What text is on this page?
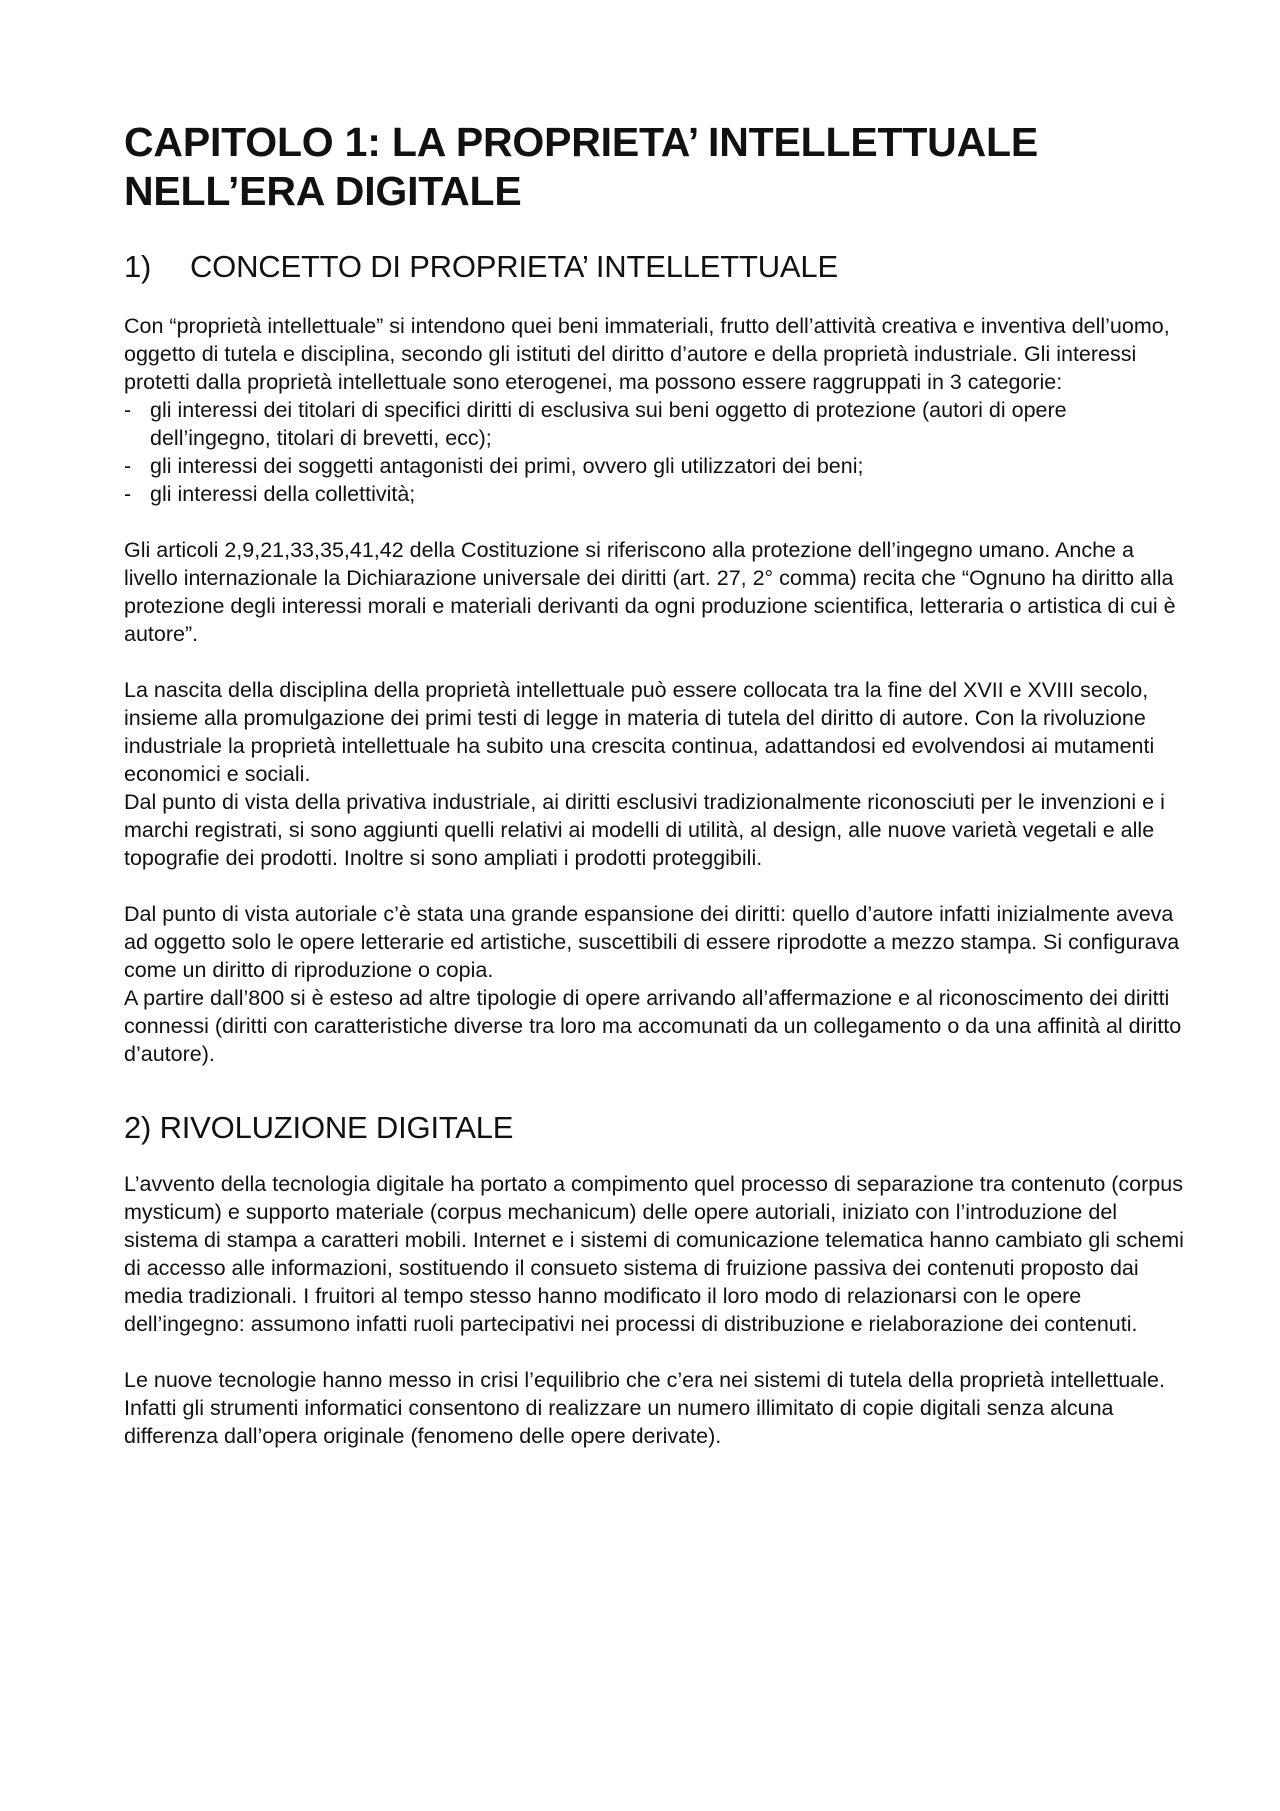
CAPITOLO 1: LA PROPRIETA’ INTELLETTUALE
NELL’ERA DIGITALE
1) CONCETTO DI PROPRIETA’ INTELLETTUALE

Con “proprietà intellettuale” si intendono quei beni immateriali, frutto dell’attività creativa e inventiva dell’uomo, oggetto di tutela e disciplina, secondo gli istituti del diritto d’autore e della proprietà industriale. Gli interessi protetti dalla proprietà intellettuale sono eterogenei, ma possono essere raggruppati in 3 categorie:

- gli interessi dei titolari di specifici diritti di esclusiva sui beni oggetto di protezione (autori di opere dell’ingegno, titolari di brevetti, ecc);
- gli interessi dei soggetti antagonisti dei primi, ovvero gli utilizzatori dei beni;
- gli interessi della collettività;

Gli articoli 2,9,21,33,35,41,42 della Costituzione si riferiscono alla protezione dell’ingegno umano. Anche a livello internazionale la Dichiarazione universale dei diritti (art. 27, 2° comma) recita che “Ognuno ha diritto alla protezione degli interessi morali e materiali derivanti da ogni produzione scientifica, letteraria o artistica di cui è autore”.

La nascita della disciplina della proprietà intellettuale può essere collocata tra la fine del XVII e XVIII secolo, insieme alla promulgazione dei primi testi di legge in materia di tutela del diritto di autore. Con la rivoluzione industriale la proprietà intellettuale ha subito una crescita continua, adattandosi ed evolvendosi ai mutamenti economici e sociali.

Dal punto di vista della privativa industriale, ai diritti esclusivi tradizionalmente riconosciuti per le invenzioni e i marchi registrati, si sono aggiunti quelli relativi ai modelli di utilità, al design, alle nuove varietà vegetali e alle topografie dei prodotti. Inoltre si sono ampliati i prodotti proteggibili.

Dal punto di vista autoriale c’è stata una grande espansione dei diritti: quello d’autore infatti inizialmente aveva ad oggetto solo le opere letterarie ed artistiche, suscettibili di essere riprodotte a mezzo stampa. Si configurava come un diritto di riproduzione o copia.

A partire dall’800 si è esteso ad altre tipologie di opere arrivando all’affermazione e al riconoscimento dei diritti connessi (diritti con caratteristiche diverse tra loro ma accomunati da un collegamento o da una affinità al diritto d’autore).

2) RIVOLUZIONE DIGITALE

L’avvento della tecnologia digitale ha portato a compimento quel processo di separazione tra contenuto (corpus mysticum) e supporto materiale (corpus mechanicum) delle opere autoriali, iniziato con l’introduzione del sistema di stampa a caratteri mobili. Internet e i sistemi di comunicazione telematica hanno cambiato gli schemi di accesso alle informazioni, sostituendo il consueto sistema di fruizione passiva dei contenuti proposto dai media tradizionali. I fruitori al tempo stesso hanno modificato il loro modo di relazionarsi con le opere dell’ingegno: assumono infatti ruoli partecipativi nei processi di distribuzione e rielaborazione dei contenuti.

Le nuove tecnologie hanno messo in crisi l’equilibrio che c’era nei sistemi di tutela della proprietà intellettuale. Infatti gli strumenti informatici consentono di realizzare un numero illimitato di copie digitali senza alcuna differenza dall’opera originale (fenomeno delle opere derivate).
